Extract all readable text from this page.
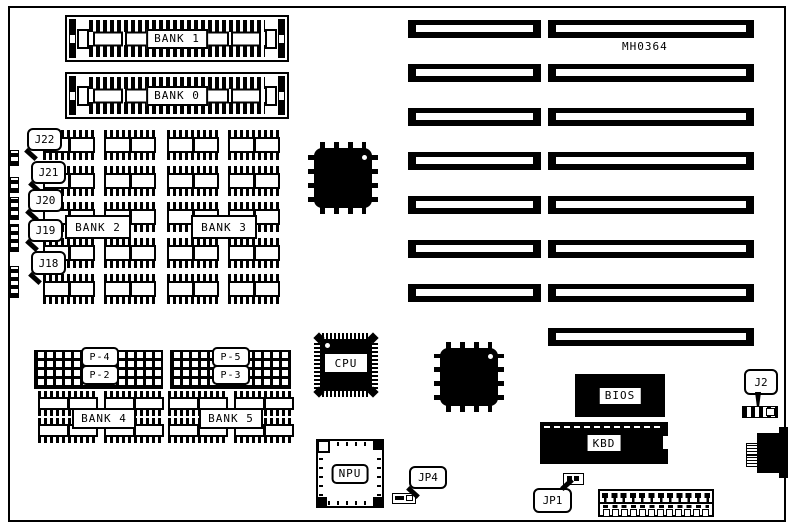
MH0364
BANK 1
BANK 0
BANK 2	BANK 3
J22
J21
J20
J19
J18
CPU
NPU	JP4
BIOS
KBD
J2
JP1
P-4
P-2
P-5
P-3
BANK 4	BANK 5
